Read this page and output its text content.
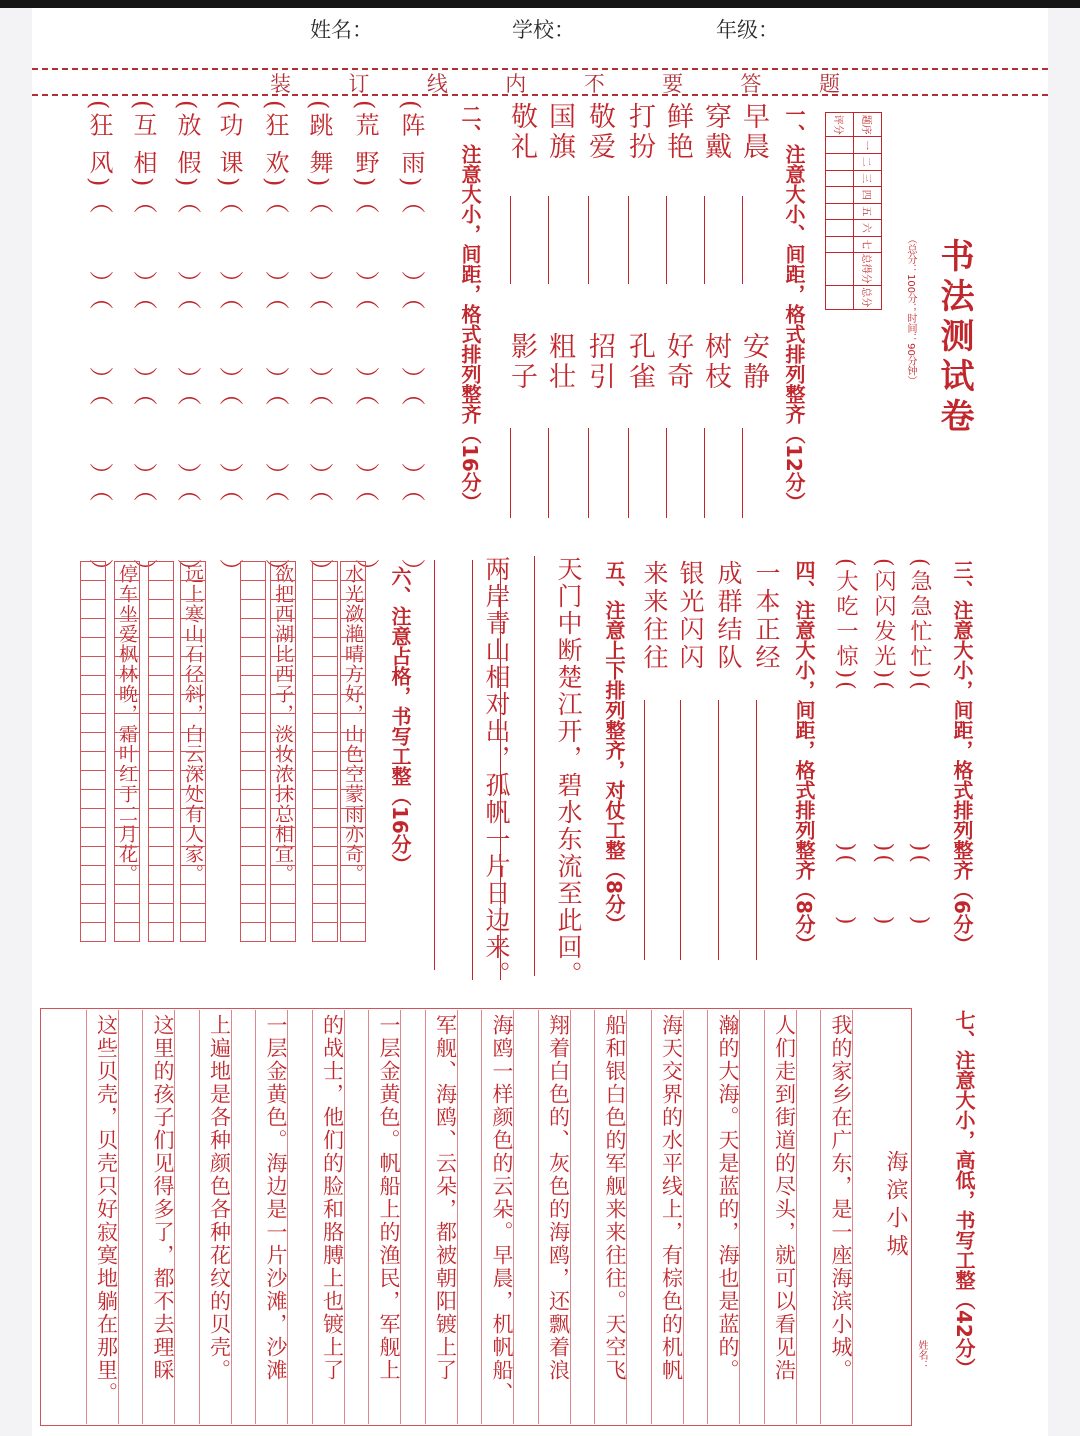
姓名：	学校：	年级：
装	订	线	内	不	要	答	题
书法测试卷
（总分：100分；时间：90分钟）
题序	一	二	三	四	五	六	七	总得分	总分
评分									
一、注意大小、间距，格式排列整齐（12分）
早晨
穿戴
鲜艳
打扮
敬爱
国旗
敬礼
安静
树枝
好奇
孔雀
招引
粗壮
影子
二、注意大小，间距，格式排列整齐（16分）
(阵 雨)（　　）（　　）（　　）（　　）
(荒 野)（　　）（　　）（　　）（　　）
(跳 舞)（　　）（　　）（　　）（　　）
(狂 欢)（　　）（　　）（　　）（　　）
(功 课)（　　）（　　）（　　）（　　）
(放 假)（　　）（　　）（　　）（　　）
(互 相)（　　）（　　）（　　）（　　）
(狂 风)（　　）（　　）（　　）（　　）
三、注意大小，间距，格式排列整齐（6分）
(急急忙忙)()(　　)
(闪闪发光)()(　　)
(大吃一惊)()(　　)
四、注意大小，间距，格式排列整齐（8分）
一本正经
成群结队
银光闪闪
来来往往
五、注意上下排列整齐，对仗工整（8分）
天门中断楚江开，碧水东流至此回。
两岸青山相对出，孤帆一片日边来。
六、注意占格，书写工整（16分）
水光潋滟晴方好，山色空蒙雨亦奇。
欲把西湖比西子，淡妆浓抹总相宜。
远上寒山石径斜，白云深处有人家。
停车坐爱枫林晚，霜叶红于二月花。
七、注意大小，高低，书写工整（42分）
姓名：
海滨小城
我的家乡在广东，是一座海滨小城。
人们走到街道的尽头，就可以看见浩
瀚的大海。天是蓝的，海也是蓝的。
海天交界的水平线上，有棕色的机帆
船和银白色的军舰来来往往。天空飞
翔着白色的、灰色的海鸥，还飘着浪
海鸥一样颜色的云朵。早晨，机帆船、
军舰、海鸥、云朵，都被朝阳镀上了
一层金黄色。帆船上的渔民，军舰上
的战士，他们的脸和胳膊上也镀上了
一层金黄色。海边是一片沙滩，沙滩
上遍地是各种颜色各种花纹的贝壳。
这里的孩子们见得多了，都不去理睬
这些贝壳，贝壳只好寂寞地躺在那里。
